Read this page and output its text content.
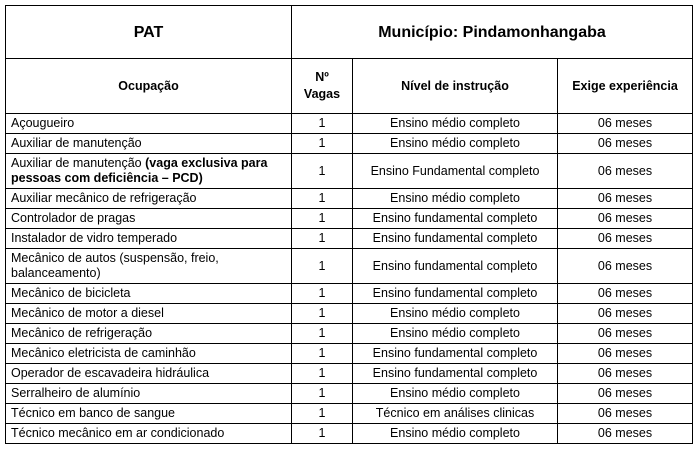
PAT	Município: Pindamonhangaba		
Ocupação	Nº Vagas	Nível de instrução	Exige experiência
Açougueiro	1	Ensino médio completo	06 meses
Auxiliar de manutenção	1	Ensino médio completo	06 meses
Auxiliar de manutenção (vaga exclusiva para pessoas com deficiência – PCD)	1	Ensino Fundamental completo	06 meses
Auxiliar mecânico de refrigeração	1	Ensino médio completo	06 meses
Controlador de pragas	1	Ensino fundamental completo	06 meses
Instalador de vidro temperado	1	Ensino fundamental completo	06 meses
Mecânico de autos (suspensão, freio, balanceamento)	1	Ensino fundamental completo	06 meses
Mecânico de bicicleta	1	Ensino fundamental completo	06 meses
Mecânico de motor a diesel	1	Ensino médio completo	06 meses
Mecânico de refrigeração	1	Ensino médio completo	06 meses
Mecânico eletricista de caminhão	1	Ensino fundamental completo	06 meses
Operador de escavadeira hidráulica	1	Ensino fundamental completo	06 meses
Serralheiro de alumínio	1	Ensino médio completo	06 meses
Técnico em banco de sangue	1	Técnico em análises clinicas	06 meses
Técnico mecânico em ar condicionado	1	Ensino médio completo	06 meses
